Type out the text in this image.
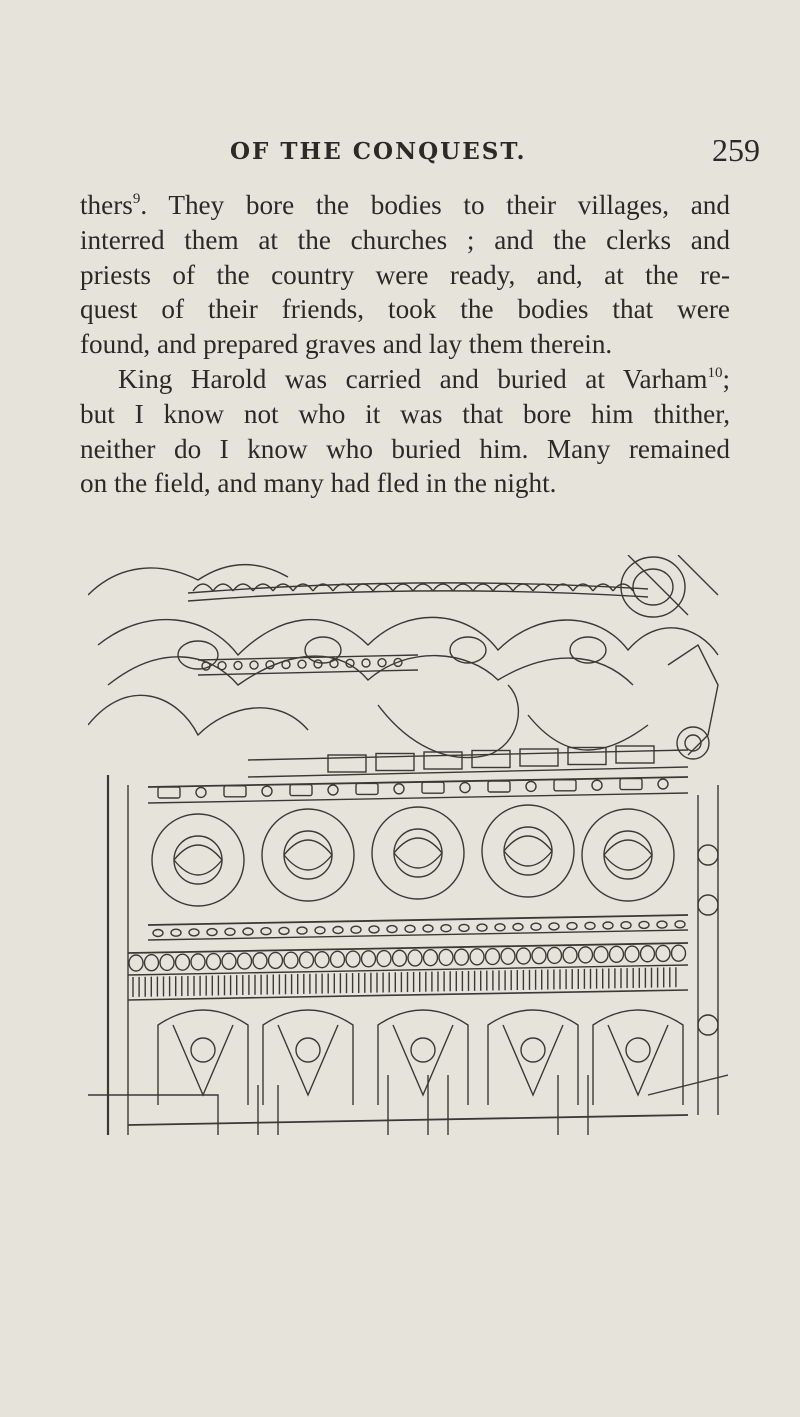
OF THE CONQUEST.	259
thers$^9$. They bore the bodies to their villages, and
interred them at the churches ; and the clerks and
priests of the country were ready, and, at the re-
quest of their friends, took the bodies that were
found, and prepared graves and lay them therein.
King Harold was carried and buried at Varham$^{10}$;
but I know not who it was that bore him thither,
neither do I know who buried him. Many remained
on the field, and many had fled in the night.
